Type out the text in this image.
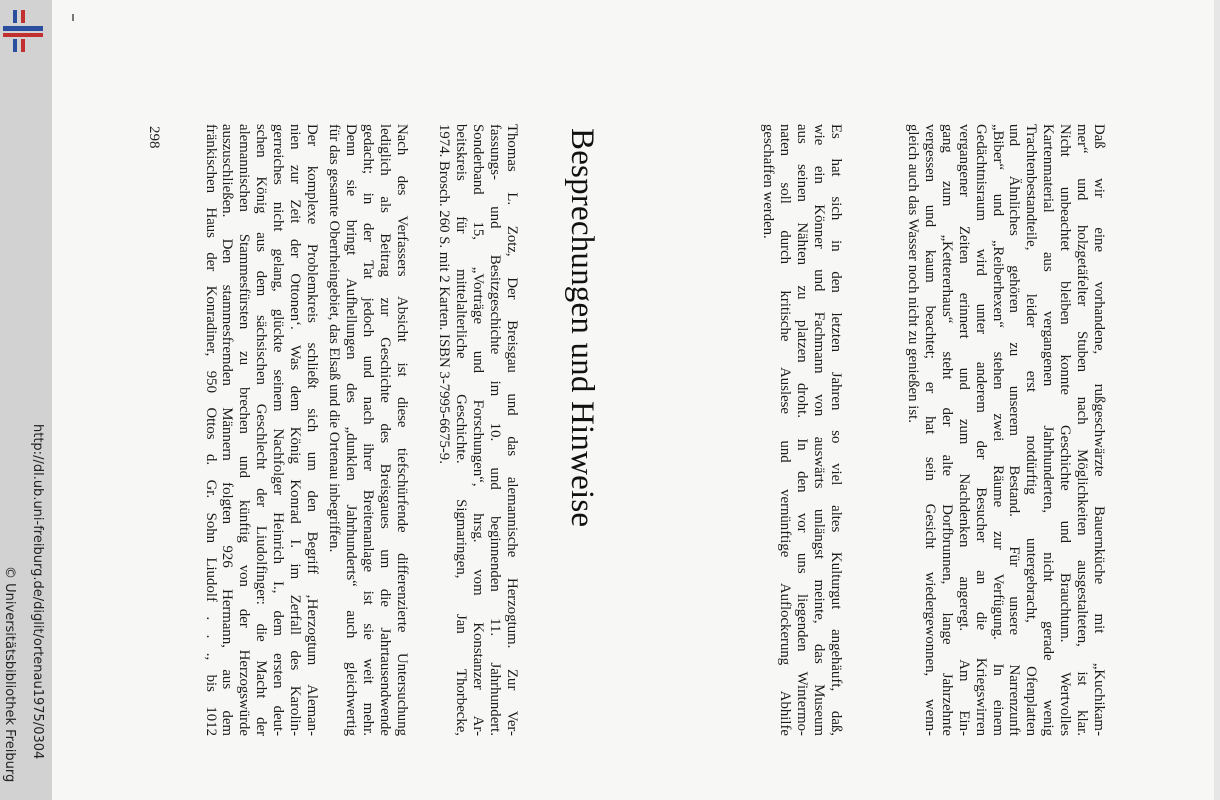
Daß wir eine vorhandene, rußgeschwärzte Bauernküche mit „Kuchikam-
mer“ und holzgetäfelter Stuben nach Möglichkeiten ausgestalteten, ist klar.
Nicht unbeachtet bleiben konnte Geschichte und Brauchtum. Wertvolles
Kartenmaterial aus vergangenen Jahrhunderten, nicht gerade wenig
Trachtenbestandteile, leider erst notdürftig untergebracht, Ofenplatten
und Ähnliches gehören zu unserem Bestand. Für unsere Narrenzunft
„Biber“ und „Reiberhexen“ stehen zwei Räume zur Verfügung. In einem
Gedächtnisraum wird unter anderem der Besucher an die Kriegswirren
vergangener Zeiten erinnert und zum Nachdenken angeregt. Am Ein-
gang zum „Kettererhaus“ steht der alte Dorfbrunnen, lange Jahrzehnte
vergessen und kaum beachtet; er hat sein Gesicht wiedergewonnen, wenn-
gleich auch das Wasser noch nicht zu genießen ist.
Es hat sich in den letzten Jahren so viel altes Kulturgut angehäuft, daß,
wie ein Könner und Fachmann von auswärts unlängst meinte, das Museum
aus seinen Nähten zu platzen droht. In den vor uns liegenden Wintermo-
naten soll durch kritische Auslese und vernünftige Auflockerung Abhilfe
geschaffen werden.
Besprechungen und Hinweise
Thomas L. Zotz, Der Breisgau und das alemannische Herzogtum. Zur Ver-
fassungs- und Besitzgeschichte im 10. und beginnenden 11. Jahrhundert.
Sonderband 15, „Vorträge und Forschungen“, hrsg. vom Konstanzer Ar-
beitskreis für mittelalterliche Geschichte. Sigmaringen, Jan Thorbecke,
1974. Brosch. 260 S. mit 2 Karten. ISBN 3-7995-6675-9.
Nach des Verfassers Absicht ist diese tiefschürfende differenzierte Untersuchung
lediglich als Beitrag zur Geschichte des Breisgaues um die Jahrtausendwende
gedacht; in der Tat jedoch und nach ihrer Breitenanlage ist sie weit mehr.
Denn sie bringt Aufhellungen des „dunklen Jahrhunderts“ auch gleichwertig
für das gesamte Oberrheingebiet, das Elsaß und die Ortenau inbegriffen.
Der komplexe Problemkreis schließt sich um den Begriff ‚Herzogtum Aleman-
nien zur Zeit der Ottonen‘. Was dem König Konrad I. im Zerfall des Karolin-
gerreiches nicht gelang, glückte seinem Nachfolger Heinrich I., dem ersten deut-
schen König aus dem sächsischen Geschlecht der Liudolfinger: die Macht der
alemannischen Stammesfürsten zu brechen und künftig von der Herzogswürde
auszuschließen. Den stammesfremden Männern folgten 926 Hermann, aus dem
fränkischen Haus der Konradiner, 950 Ottos d. Gr. Sohn Liudolf . . ., bis 1012
298
http://dl.ub.uni-freiburg.de/diglit/ortenau1975/0304
© Universitätsbibliothek Freiburg
